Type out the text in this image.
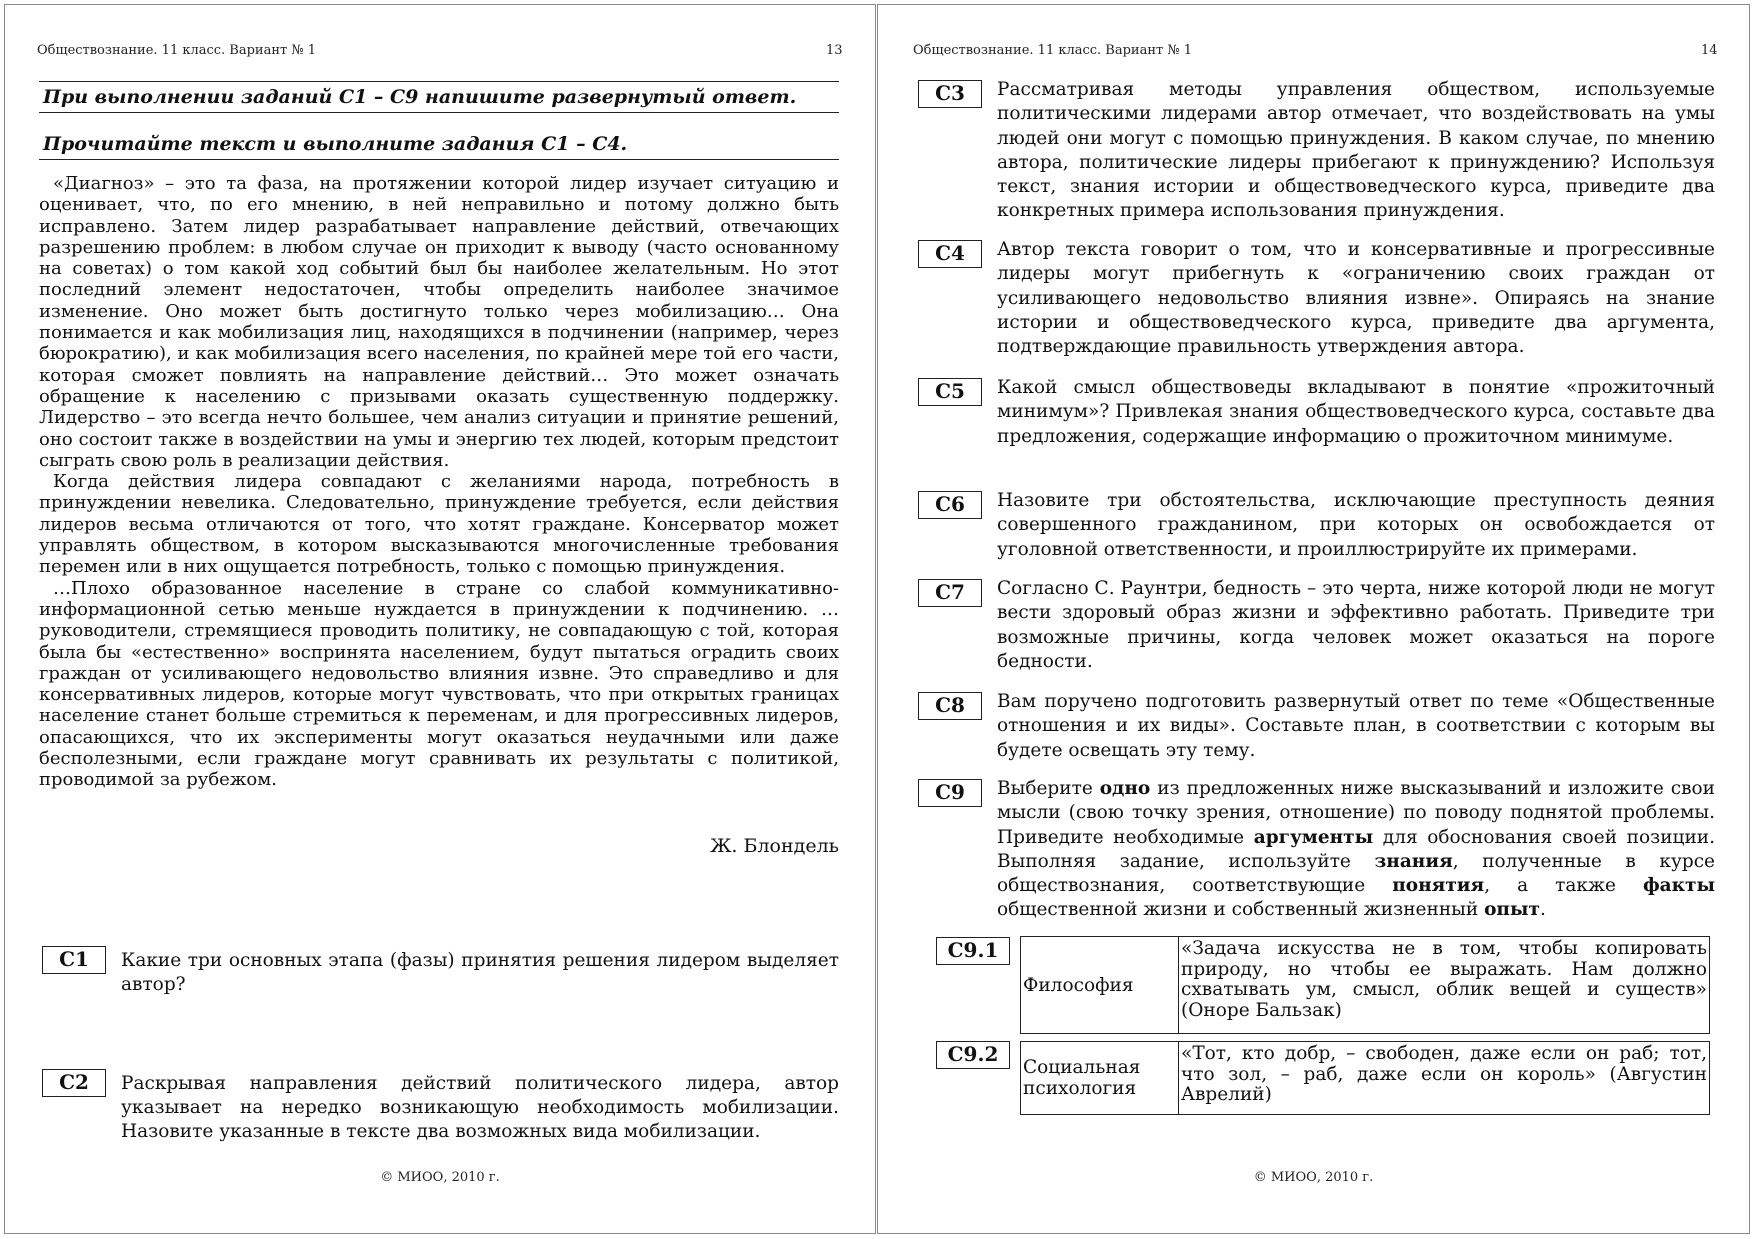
Обществознание. 11 класс. Вариант № 1	13
При выполнении заданий С1 – С9 напишите развернутый ответ.
Прочитайте текст и выполните задания С1 – С4.

«Диагноз» – это та фаза, на протяжении которой лидер изучает ситуацию и оценивает, что, по его мнению, в ней неправильно и потому должно быть исправлено. Затем лидер разрабатывает направление действий, отвечающих разрешению проблем: в любом случае он приходит к выводу (часто основанному на советах) о том какой ход событий был бы наиболее желательным. Но этот последний элемент недостаточен, чтобы определить наиболее значимое изменение. Оно может быть достигнуто только через мобилизацию… Она понимается и как мобилизация лиц, находящихся в подчинении (например, через бюрократию), и как мобилизация всего населения, по крайней мере той его части, которая сможет повлиять на направление действий… Это может означать обращение к населению с призывами оказать существенную поддержку. Лидерство – это всегда нечто большее, чем анализ ситуации и принятие решений, оно состоит также в воздействии на умы и энергию тех людей, которым предстоит сыграть свою роль в реализации действия.

Когда действия лидера совпадают с желаниями народа, потребность в принуждении невелика. Следовательно, принуждение требуется, если действия лидеров весьма отличаются от того, что хотят граждане. Консерватор может управлять обществом, в котором высказываются многочисленные требования перемен или в них ощущается потребность, только с помощью принуждения.

…Плохо образованное население в стране со слабой коммуникативно-информационной сетью меньше нуждается в принуждении к подчинению. … руководители, стремящиеся проводить политику, не совпадающую с той, которая была бы «естественно» воспринята населением, будут пытаться оградить своих граждан от усиливающего недовольство влияния извне. Это справедливо и для консервативных лидеров, которые могут чувствовать, что при открытых границах население станет больше стремиться к переменам, и для прогрессивных лидеров, опасающихся, что их эксперименты могут оказаться неудачными или даже бесполезными, если граждане могут сравнивать их результаты с политикой, проводимой за рубежом.

Ж. Блондель
С1	Какие три основных этапа (фазы) принятия решения лидером выделяет автор?
С2	Раскрывая направления действий политического лидера, автор указывает на нередко возникающую необходимость мобилизации. Назовите указанные в тексте два возможных вида мобилизации.
© МИОО, 2010 г.
Обществознание. 11 класс. Вариант № 1	14
С3	Рассматривая методы управления обществом, используемые политическими лидерами автор отмечает, что воздействовать на умы людей они могут с помощью принуждения. В каком случае, по мнению автора, политические лидеры прибегают к принуждению? Используя текст, знания истории и обществоведческого курса, приведите два конкретных примера использования принуждения.
С4	Автор текста говорит о том, что и консервативные и прогрессивные лидеры могут прибегнуть к «ограничению своих граждан от усиливающего недовольство влияния извне». Опираясь на знание истории и обществоведческого курса, приведите два аргумента, подтверждающие правильность утверждения автора.
С5	Какой смысл обществоведы вкладывают в понятие «прожиточный минимум»? Привлекая знания обществоведческого курса, составьте два предложения, содержащие информацию о прожиточном минимуме.
С6	Назовите три обстоятельства, исключающие преступность деяния совершенного гражданином, при которых он освобождается от уголовной ответственности, и проиллюстрируйте их примерами.
С7	Согласно С. Раунтри, бедность – это черта, ниже которой люди не могут вести здоровый образ жизни и эффективно работать. Приведите три возможные причины, когда человек может оказаться на пороге бедности.
С8	Вам поручено подготовить развернутый ответ по теме «Общественные отношения и их виды». Составьте план, в соответствии с которым вы будете освещать эту тему.
С9	Выберите одно из предложенных ниже высказываний и изложите свои мысли (свою точку зрения, отношение) по поводу поднятой проблемы. Приведите необходимые аргументы для обоснования своей позиции. Выполняя задание, используйте знания, полученные в курсе обществознания, соответствующие понятия, а также факты общественной жизни и собственный жизненный опыт.
С9.1
Философия
«Задача искусства не в том, чтобы копировать природу, но чтобы ее выражать. Нам должно схватывать ум, смысл, облик вещей и существ» (Оноре Бальзак)
С9.2
Социальная психология
«Тот, кто добр, – свободен, даже если он раб; тот, что зол, – раб, даже если он король» (Августин Аврелий)
© МИОО, 2010 г.
